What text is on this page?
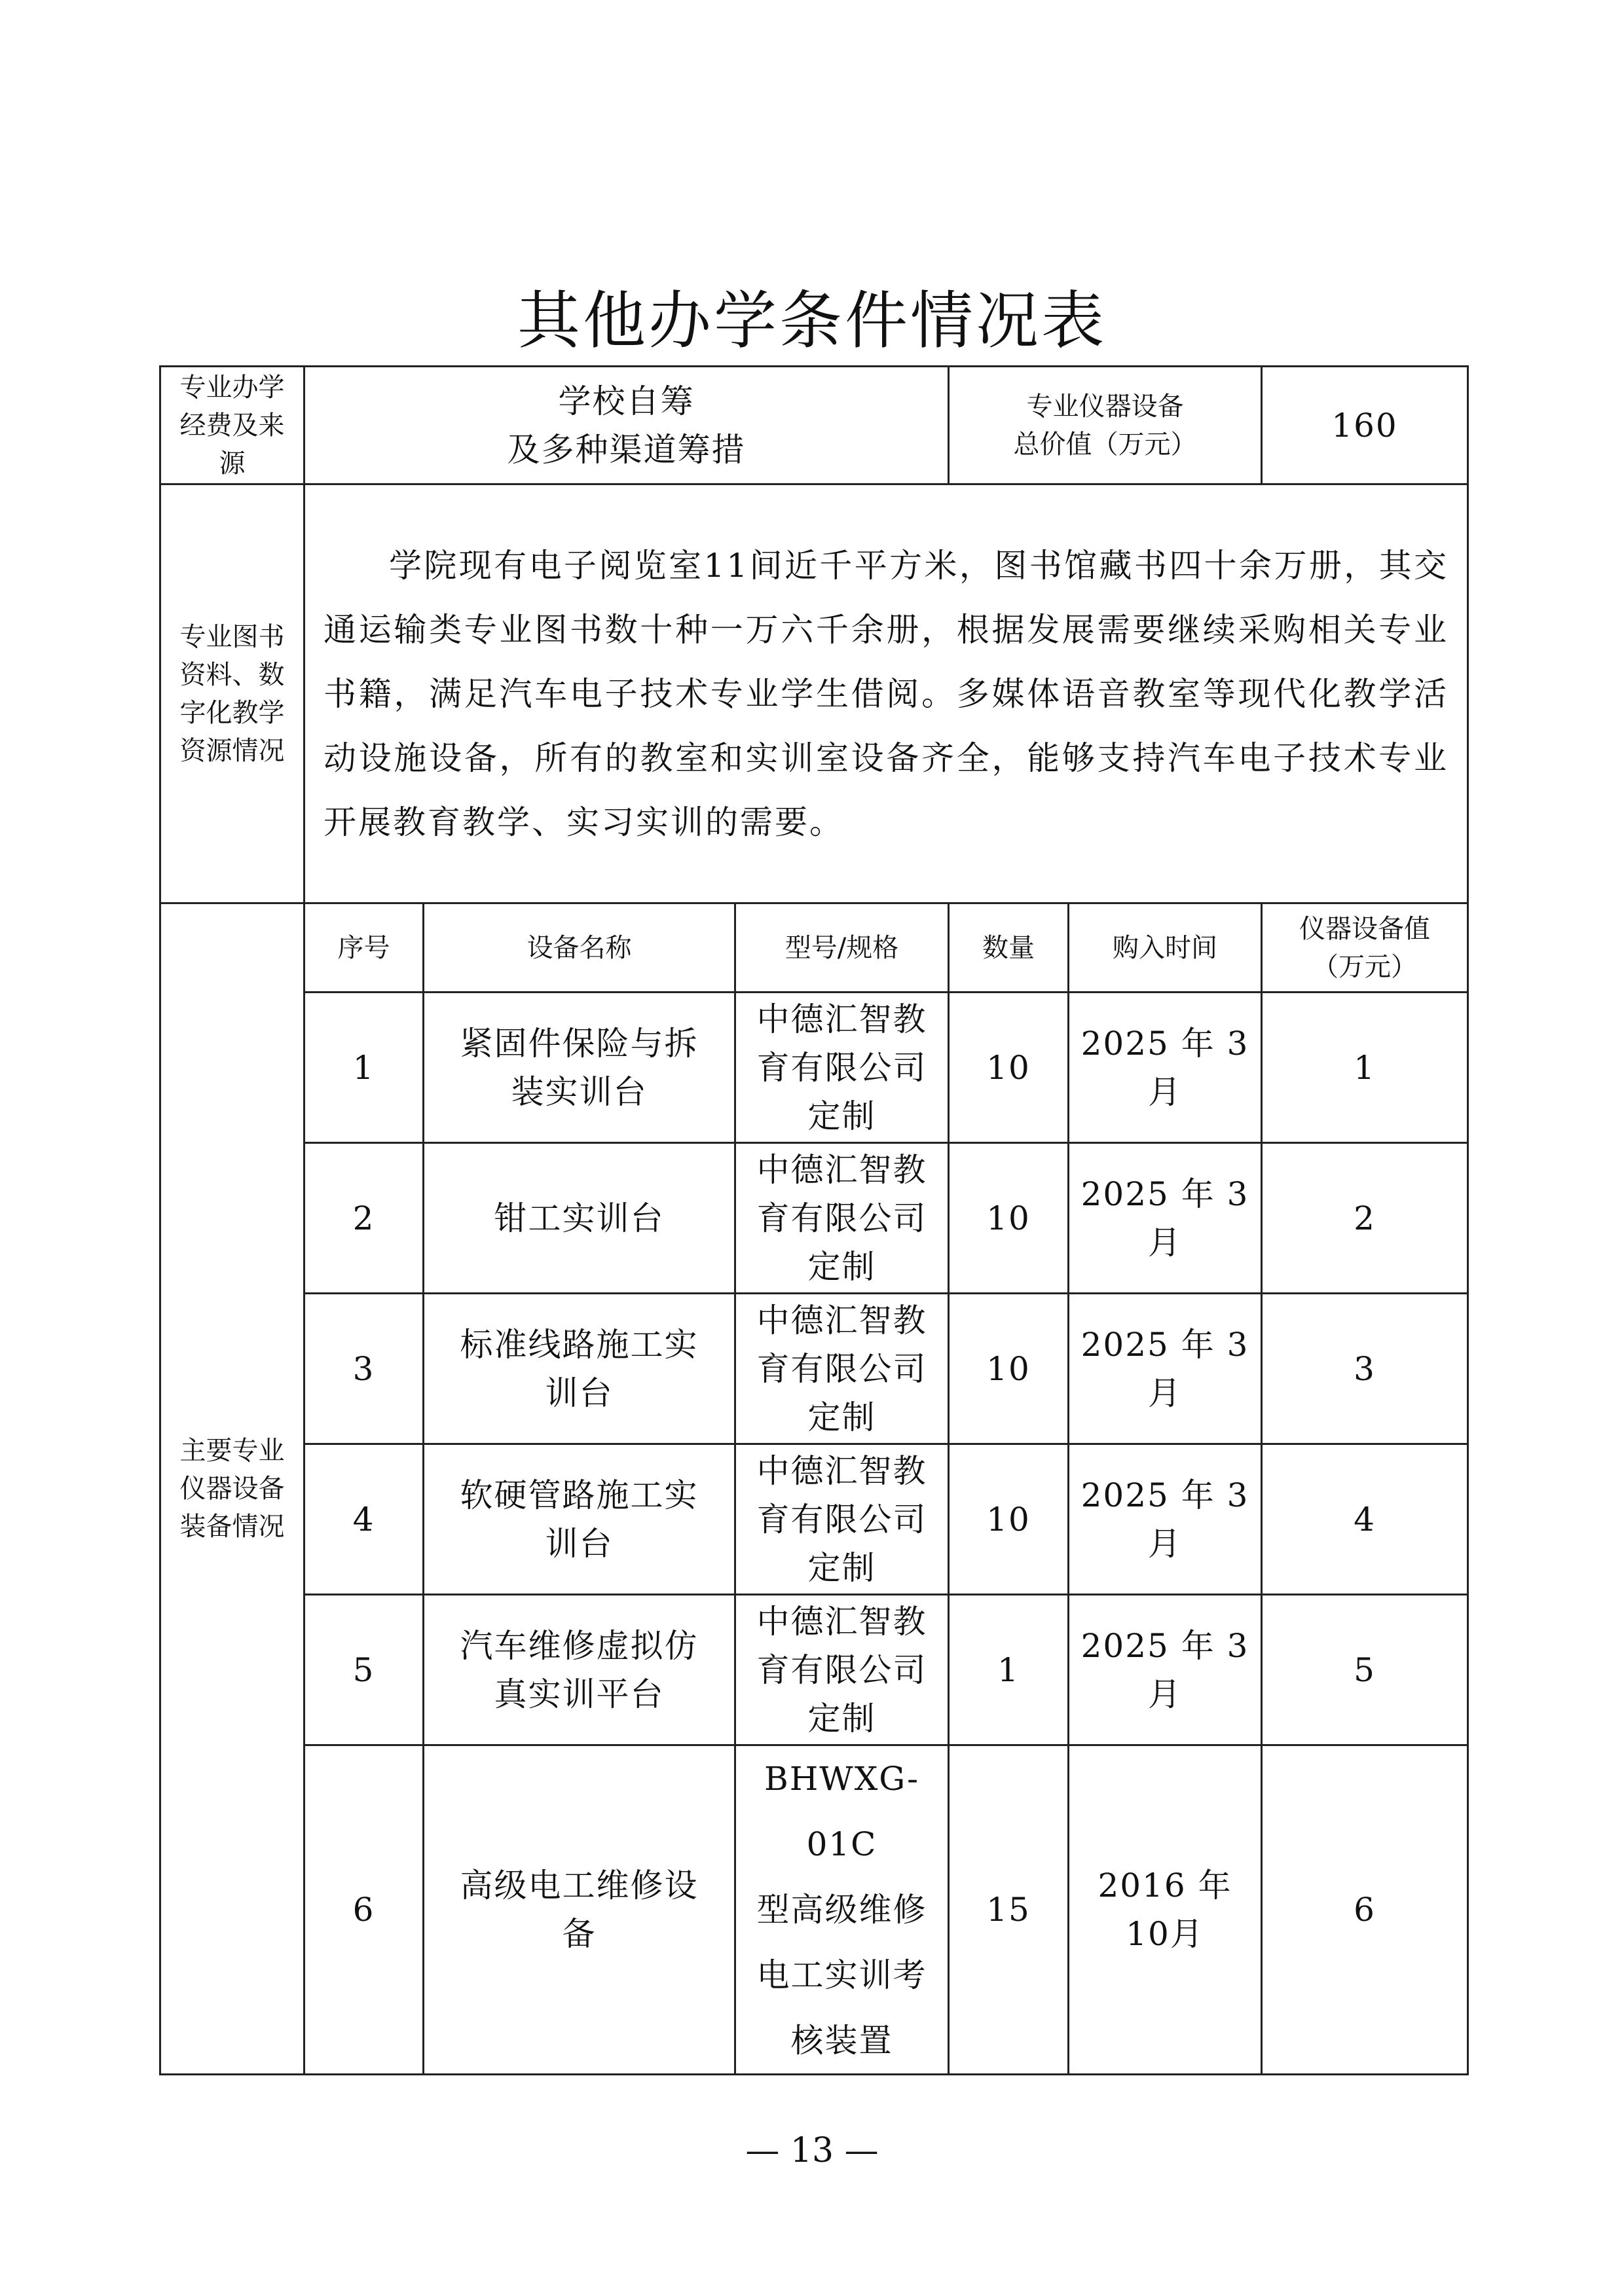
其他办学条件情况表
专业办学
经费及来
源	学校自筹
及多种渠道筹措			专业仪器设备
总价值（万元）		160
专业图书
资料、数
字化教学
资源情况	学院现有电子阅览室11间近千平方米，图书馆藏书四十余万册，其交通运输类专业图书数十种一万六千余册，根据发展需要继续采购相关专业书籍，满足汽车电子技术专业学生借阅。多媒体语音教室等现代化教学活动设施设备，所有的教室和实训室设备齐全，能够支持汽车电子技术专业开展教育教学、实习实训的需要。					

主要专业
仪器设备
装备情况	序号	设备名称	型号/规格	数量	购入时间	仪器设备值
（万元）
	1	紧固件保险与拆
装实训台	中德汇智教
育有限公司
定制	10	2025 年 3
月	1
	2	钳工实训台	中德汇智教
育有限公司
定制	10	2025 年 3
月	2
	3	标准线路施工实
训台	中德汇智教
育有限公司
定制	10	2025 年 3
月	3
	4	软硬管路施工实
训台	中德汇智教
育有限公司
定制	10	2025 年 3
月	4
	5	汽车维修虚拟仿
真实训平台	中德汇智教
育有限公司
定制	1	2025 年 3
月	5
	6	高级电工维修设
备	BHWXG-01C
型高级维修
电工实训考
核装置	15	2016 年
10月	6
— 13 —
